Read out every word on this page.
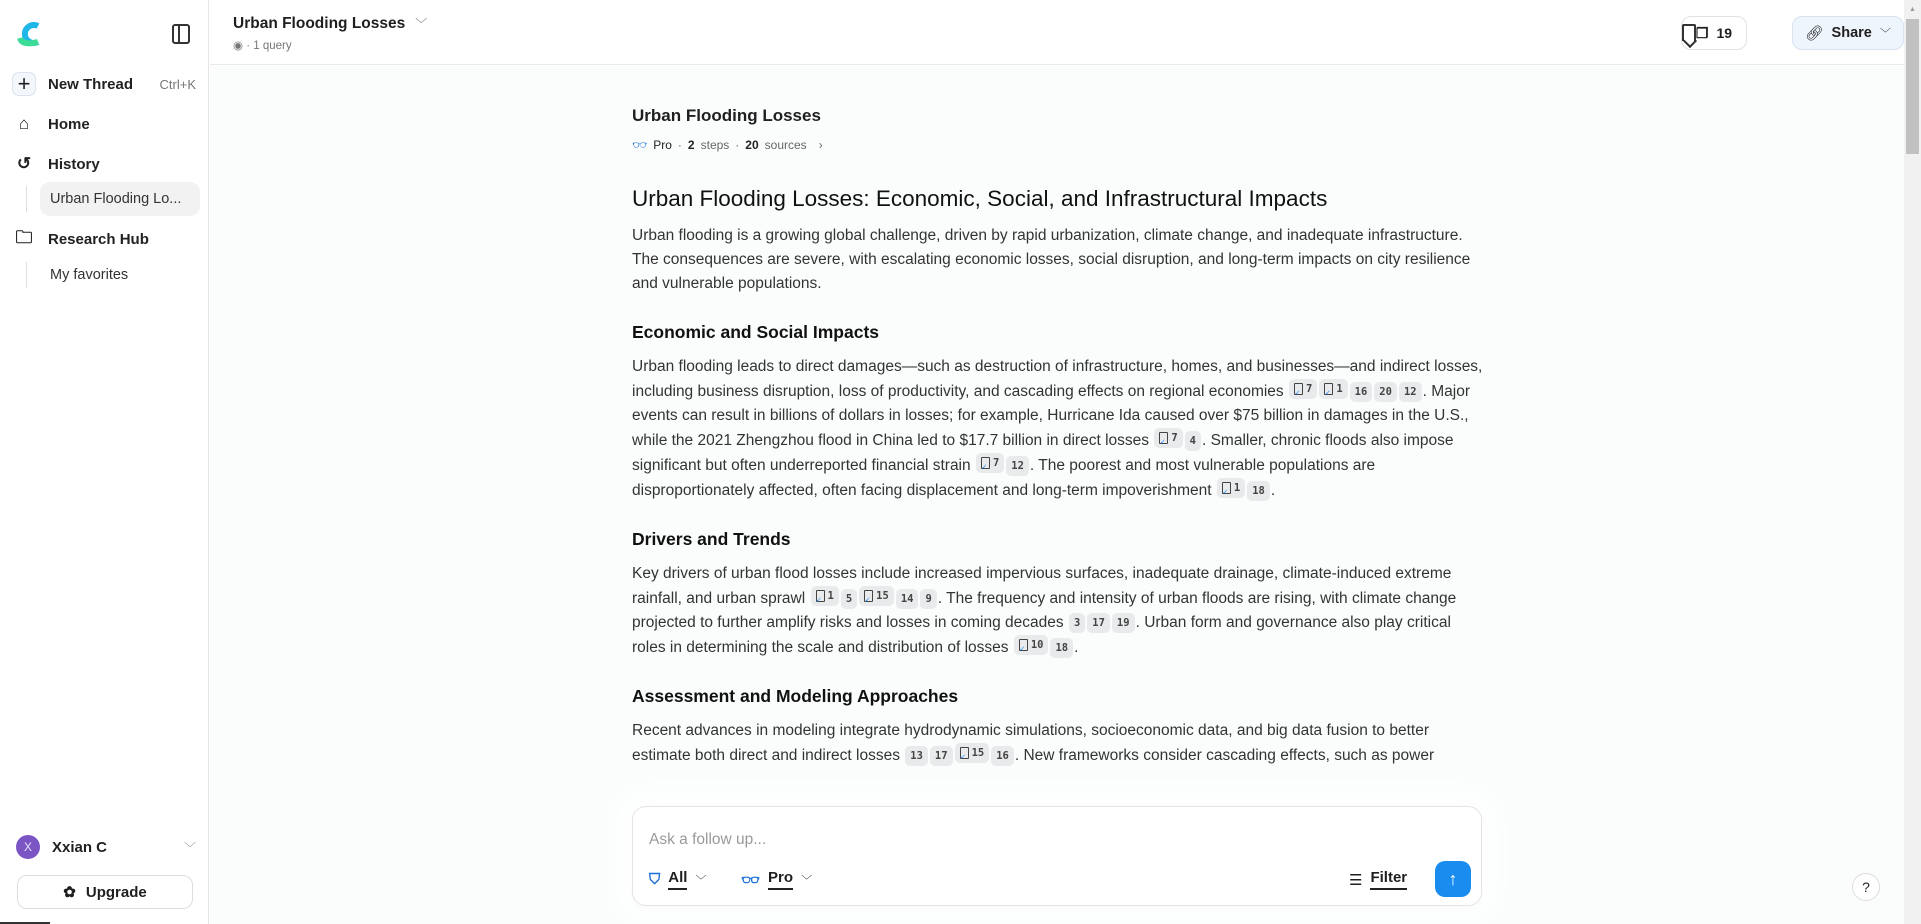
+	New Thread Ctrl+K
⌂	Home
↺	History
Urban Flooding Lo...
🗀 Research Hub
My favorites
X	Xxian C	﹀
✿ Upgrade
Urban Flooding Losses ﹀
◉ · 1 query
❐ 19	🔗︎ Share ﹀
Urban Flooding Losses
👓︎ Pro · 2 steps · 20 sources ›
Urban Flooding Losses: Economic, Social, and Infrastructural Impacts

Urban flooding is a growing global challenge, driven by rapid urbanization, climate change, and inadequate infrastructure. The consequences are severe, with escalating economic losses, social disruption, and long-term impacts on city resilience and vulnerable populations.

Economic and Social Impacts

Urban flooding leads to direct damages—such as destruction of infrastructure, homes, and businesses—and indirect losses, including business disruption, loss of productivity, and cascading effects on regional economies ✓ 7 ✓ 1 16 20 12 . Major events can result in billions of dollars in losses; for example, Hurricane Ida caused over $75 billion in damages in the U.S., while the 2021 Zhengzhou flood in China led to $17.7 billion in direct losses ✓ 7 4 . Smaller, chronic floods also impose significant but often underreported financial strain ✓ 7 12 . The poorest and most vulnerable populations are disproportionately affected, often facing displacement and long-term impoverishment ✓ 1 18 .

Drivers and Trends

Key drivers of urban flood losses include increased impervious surfaces, inadequate drainage, climate-induced extreme rainfall, and urban sprawl ✓ 1 5 ✓ 15 14 9 . The frequency and intensity of urban floods are rising, with climate change projected to further amplify risks and losses in coming decades 3 17 19 . Urban form and governance also play critical roles in determining the scale and distribution of losses ✓ 10 18 .

Assessment and Modeling Approaches

Recent advances in modeling integrate hydrodynamic simulations, socioeconomic data, and big data fusion to better estimate both direct and indirect losses 13 17 ✓ 15 16 . New frameworks consider cascading effects, such as power

Ask a follow up...
⛉ All ﹀ 👓︎ Pro ﹀	☰ Filter ↑	?
▲
